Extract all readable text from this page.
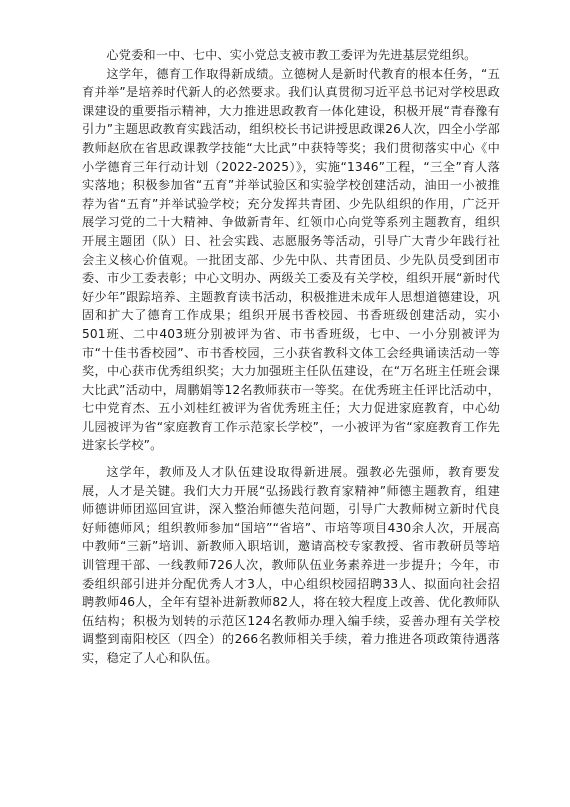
心党委和一中、七中、实小党总支被市教工委评为先进基层党组织。

这学年，德育工作取得新成绩。立德树人是新时代教育的根本任务，“五育并举”是培养时代新人的必然要求。我们认真贯彻习近平总书记对学校思政课建设的重要指示精神，大力推进思政教育一体化建设，积极开展“青春豫有引力”主题思政教育实践活动，组织校长书记讲授思政课26人次，四全小学部教师赵欣在省思政课教学技能“大比武”中获特等奖；我们贯彻落实中心《中小学德育三年行动计划（2022-2025）》，实施“1346”工程，“三全”育人落实落地；积极参加省“五育”并举试验区和实验学校创建活动，油田一小被推荐为省“五育”并举试验学校；充分发挥共青团、少先队组织的作用，广泛开展学习党的二十大精神、争做新青年、红领巾心向党等系列主题教育，组织开展主题团（队）日、社会实践、志愿服务等活动，引导广大青少年践行社会主义核心价值观。一批团支部、少先中队、共青团员、少先队员受到团市委、市少工委表彰；中心文明办、两级关工委及有关学校，组织开展“新时代好少年”跟踪培养、主题教育读书活动，积极推进未成年人思想道德建设，巩固和扩大了德育工作成果；组织开展书香校园、书香班级创建活动，实小501班、二中403班分别被评为省、市书香班级，七中、一小分别被评为市“十佳书香校园”、市书香校园，三小获省教科文体工会经典诵读活动一等奖，中心获市优秀组织奖；大力加强班主任队伍建设，在“万名班主任班会课大比武”活动中，周鹏娟等12名教师获市一等奖。在优秀班主任评比活动中，七中党育杰、五小刘桂红被评为省优秀班主任；大力促进家庭教育，中心幼儿园被评为省“家庭教育工作示范家长学校”，一小被评为省“家庭教育工作先进家长学校”。

这学年，教师及人才队伍建设取得新进展。强教必先强师，教育要发展，人才是关键。我们大力开展“弘扬践行教育家精神”师德主题教育，组建师德讲师团巡回宣讲，深入整治师德失范问题，引导广大教师树立新时代良好师德师风；组织教师参加“国培”“省培”、市培等项目430余人次，开展高中教师“三新”培训、新教师入职培训，邀请高校专家教授、省市教研员等培训管理干部、一线教师726人次，教师队伍业务素养进一步提升；今年，市委组织部引进并分配优秀人才3人，中心组织校园招聘33人、拟面向社会招聘教师46人，全年有望补进新教师82人，将在较大程度上改善、优化教师队伍结构；积极为划转的示范区124名教师办理入编手续，妥善办理有关学校调整到南阳校区（四全）的266名教师相关手续，着力推进各项政策待遇落实，稳定了人心和队伍。
